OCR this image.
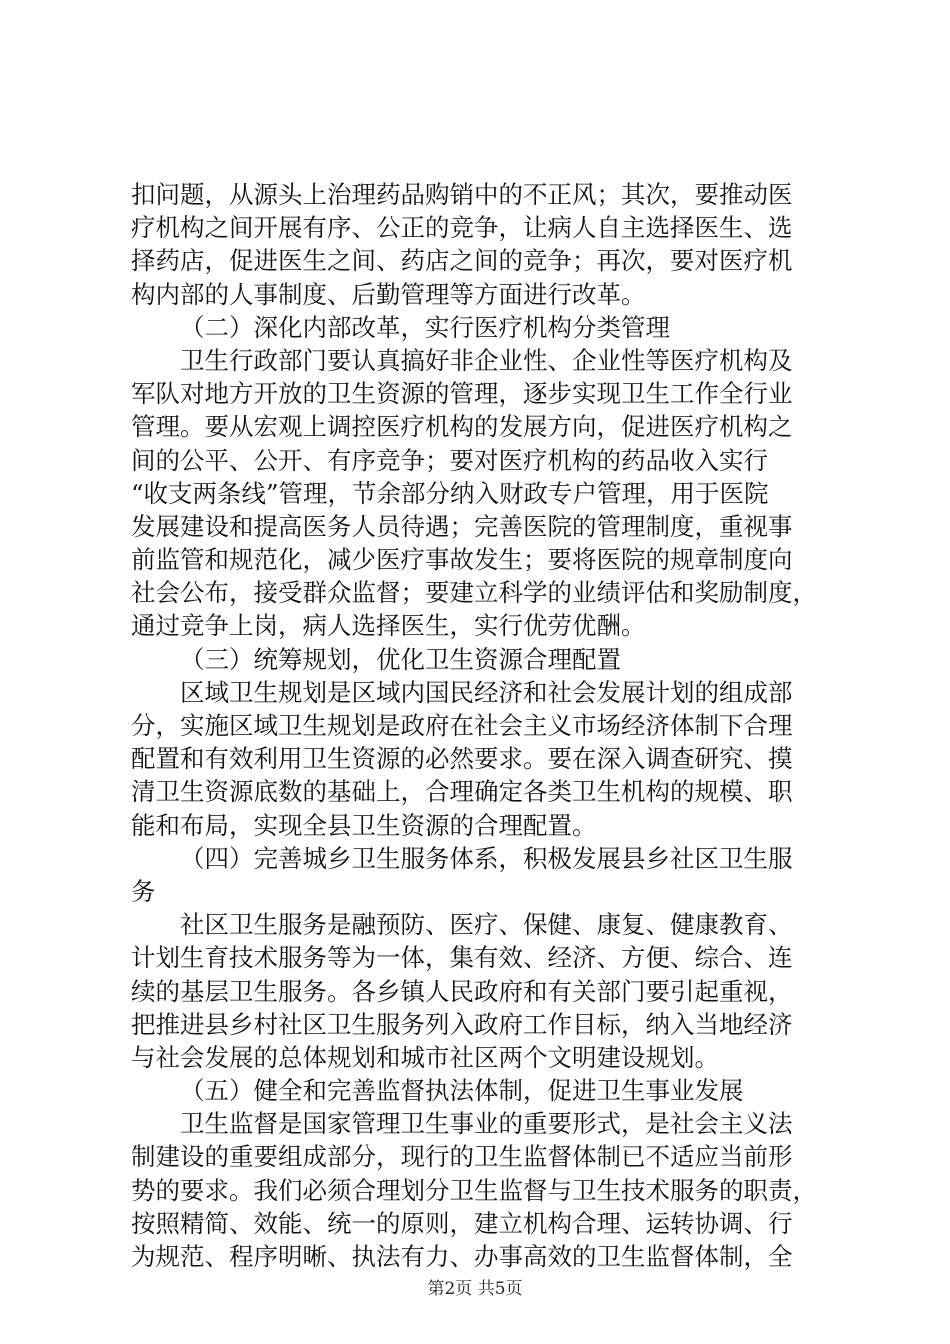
扣问题，从源头上治理药品购销中的不正风；其次，要推动医
疗机构之间开展有序、公正的竞争，让病人自主选择医生、选
择药店，促进医生之间、药店之间的竞争；再次，要对医疗机
构内部的人事制度、后勤管理等方面进行改革。
（二）深化内部改革，实行医疗机构分类管理
卫生行政部门要认真搞好非企业性、企业性等医疗机构及
军队对地方开放的卫生资源的管理，逐步实现卫生工作全行业
管理。要从宏观上调控医疗机构的发展方向，促进医疗机构之
间的公平、公开、有序竞争；要对医疗机构的药品收入实行
“收支两条线”管理，节余部分纳入财政专户管理，用于医院
发展建设和提高医务人员待遇；完善医院的管理制度，重视事
前监管和规范化，减少医疗事故发生；要将医院的规章制度向
社会公布，接受群众监督；要建立科学的业绩评估和奖励制度，
通过竞争上岗，病人选择医生，实行优劳优酬。
（三）统筹规划，优化卫生资源合理配置
区域卫生规划是区域内国民经济和社会发展计划的组成部
分，实施区域卫生规划是政府在社会主义市场经济体制下合理
配置和有效利用卫生资源的必然要求。要在深入调查研究、摸
清卫生资源底数的基础上，合理确定各类卫生机构的规模、职
能和布局，实现全县卫生资源的合理配置。
（四）完善城乡卫生服务体系，积极发展县乡社区卫生服
务
社区卫生服务是融预防、医疗、保健、康复、健康教育、
计划生育技术服务等为一体，集有效、经济、方便、综合、连
续的基层卫生服务。各乡镇人民政府和有关部门要引起重视，
把推进县乡村社区卫生服务列入政府工作目标，纳入当地经济
与社会发展的总体规划和城市社区两个文明建设规划。
（五）健全和完善监督执法体制，促进卫生事业发展
卫生监督是国家管理卫生事业的重要形式，是社会主义法
制建设的重要组成部分，现行的卫生监督体制已不适应当前形
势的要求。我们必须合理划分卫生监督与卫生技术服务的职责，
按照精简、效能、统一的原则，建立机构合理、运转协调、行
为规范、程序明晰、执法有力、办事高效的卫生监督体制，全
第2页 共5页
